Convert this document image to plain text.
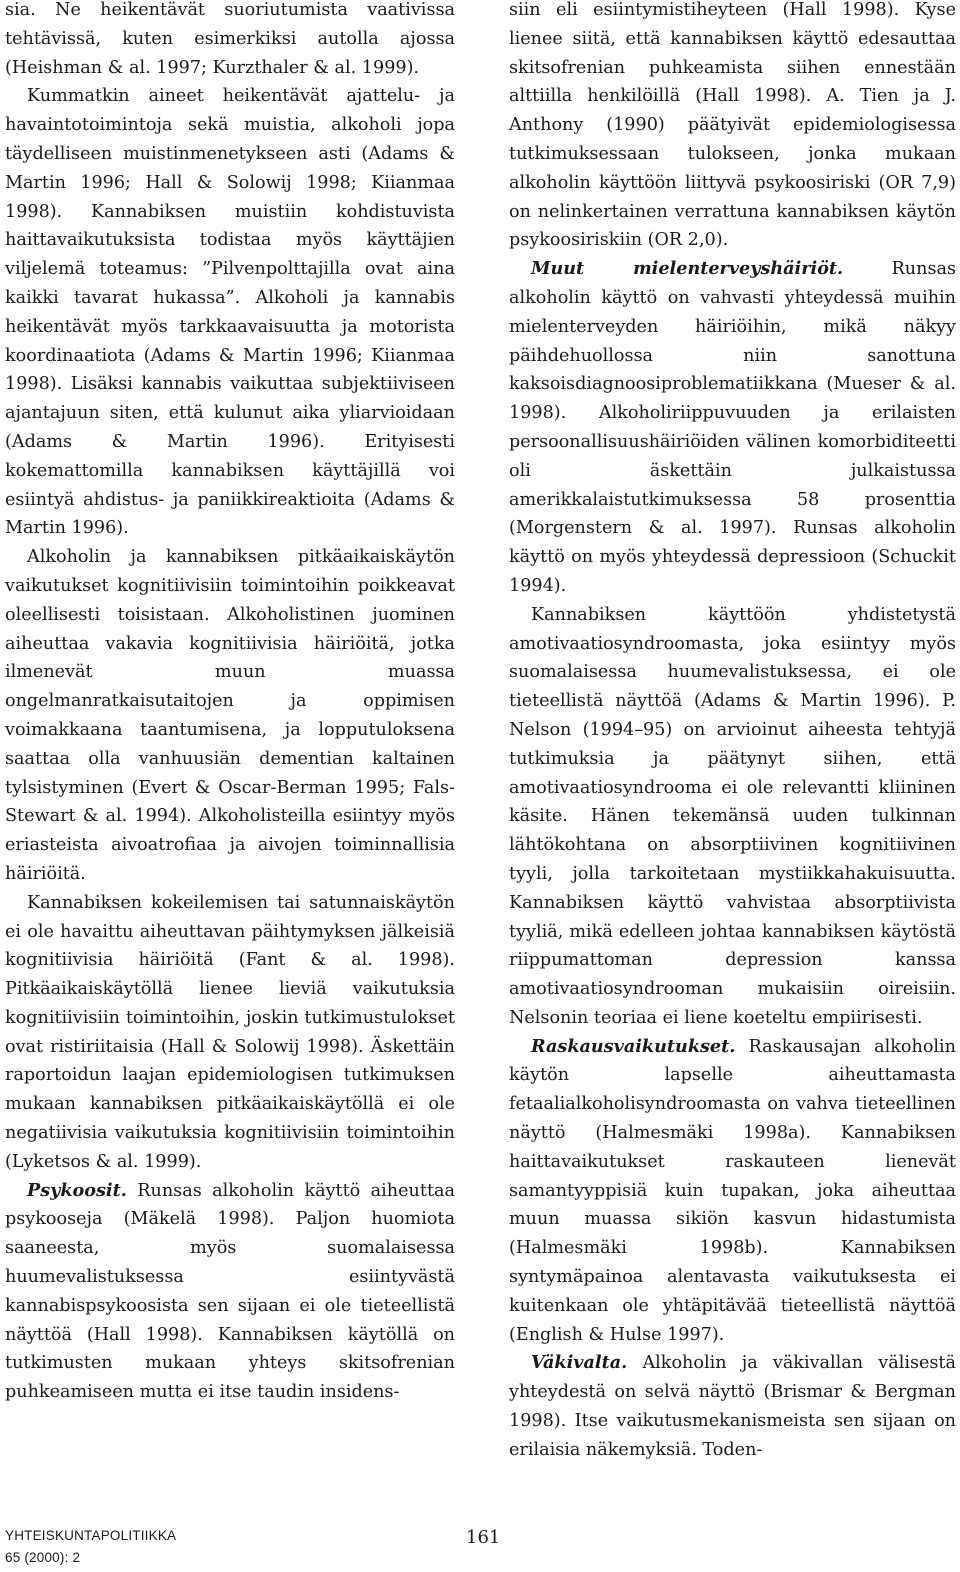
sia. Ne heikentävät suoriutumista vaativissa tehtävissä, kuten esimerkiksi autolla ajossa (Heishman & al. 1997; Kurzthaler & al. 1999).

Kummatkin aineet heikentävät ajattelu- ja havaintotoimintoja sekä muistia, alkoholi jopa täydelliseen muistinmenetykseen asti (Adams & Martin 1996; Hall & Solowij 1998; Kiianmaa 1998). Kannabiksen muistiin kohdistuvista haittavaikutuksista todistaa myös käyttäjien viljelemä toteamus: ”Pilvenpolttajilla ovat aina kaikki tavarat hukassa”. Alkoholi ja kannabis heikentävät myös tarkkaavaisuutta ja motorista koordinaatiota (Adams & Martin 1996; Kiianmaa 1998). Lisäksi kannabis vaikuttaa subjektiiviseen ajantajuun siten, että kulunut aika yliarvioidaan (Adams & Martin 1996). Erityisesti kokemattomilla kannabiksen käyttäjillä voi esiintyä ahdistus- ja paniikkireaktioita (Adams & Martin 1996).

Alkoholin ja kannabiksen pitkäaikaiskäytön vaikutukset kognitiivisiin toimintoihin poikkeavat oleellisesti toisistaan. Alkoholistinen juominen aiheuttaa vakavia kognitiivisia häiriöitä, jotka ilmenevät muun muassa ongelmanratkaisutaitojen ja oppimisen voimakkaana taantumisena, ja lopputuloksena saattaa olla vanhuusiän dementian kaltainen tylsistyminen (Evert & Oscar-Berman 1995; Fals-Stewart & al. 1994). Alkoholisteilla esiintyy myös eriasteista aivoatrofiaa ja aivojen toiminnallisia häiriöitä.

Kannabiksen kokeilemisen tai satunnaiskäytön ei ole havaittu aiheuttavan päihtymyksen jälkeisiä kognitiivisia häiriöitä (Fant & al. 1998). Pitkäaikaiskäytöllä lienee lieviä vaikutuksia kognitiivisiin toimintoihin, joskin tutkimustulokset ovat ristiriitaisia (Hall & Solowij 1998). Äskettäin raportoidun laajan epidemiologisen tutkimuksen mukaan kannabiksen pitkäaikaiskäytöllä ei ole negatiivisia vaikutuksia kognitiivisiin toimintoihin (Lyketsos & al. 1999).

Psykoosit. Runsas alkoholin käyttö aiheuttaa psykooseja (Mäkelä 1998). Paljon huomiota saaneesta, myös suomalaisessa huumevalistuksessa esiintyvästä kannabispsykoosista sen sijaan ei ole tieteellistä näyttöä (Hall 1998). Kannabiksen käytöllä on tutkimusten mukaan yhteys skitsofrenian puhkeamiseen mutta ei itse taudin insidens-

siin eli esiintymistiheyteen (Hall 1998). Kyse lienee siitä, että kannabiksen käyttö edesauttaa skitsofrenian puhkeamista siihen ennestään alttiilla henkilöillä (Hall 1998). A. Tien ja J. Anthony (1990) päätyivät epidemiologisessa tutkimuksessaan tulokseen, jonka mukaan alkoholin käyttöön liittyvä psykoosiriski (OR 7,9) on nelinkertainen verrattuna kannabiksen käytön psykoosiriskiin (OR 2,0).

Muut mielenterveyshäiriöt. Runsas alkoholin käyttö on vahvasti yhteydessä muihin mielenterveyden häiriöihin, mikä näkyy päihdehuollossa niin sanottuna kaksoisdiagnoosiproblematiikkana (Mueser & al. 1998). Alkoholiriippuvuuden ja erilaisten persoonallisuushäiriöiden välinen komorbiditeetti oli äskettäin julkaistussa amerikkalaistutkimuksessa 58 prosenttia (Morgenstern & al. 1997). Runsas alkoholin käyttö on myös yhteydessä depressioon (Schuckit 1994).

Kannabiksen käyttöön yhdistetystä amotivaatiosyndroomasta, joka esiintyy myös suomalaisessa huumevalistuksessa, ei ole tieteellistä näyttöä (Adams & Martin 1996). P. Nelson (1994–95) on arvioinut aiheesta tehtyjä tutkimuksia ja päätynyt siihen, että amotivaatiosyndrooma ei ole relevantti kliininen käsite. Hänen tekemänsä uuden tulkinnan lähtökohtana on absorptiivinen kognitiivinen tyyli, jolla tarkoitetaan mystiikkahakuisuutta. Kannabiksen käyttö vahvistaa absorptiivista tyyliä, mikä edelleen johtaa kannabiksen käytöstä riippumattoman depression kanssa amotivaatiosyndrooman mukaisiin oireisiin. Nelsonin teoriaa ei liene koeteltu empiirisesti.

Raskausvaikutukset. Raskausajan alkoholin käytön lapselle aiheuttamasta fetaalialkoholisyndroomasta on vahva tieteellinen näyttö (Halmesmäki 1998a). Kannabiksen haittavaikutukset raskauteen lienevät samantyyppisiä kuin tupakan, joka aiheuttaa muun muassa sikiön kasvun hidastumista (Halmesmäki 1998b). Kannabiksen syntymäpainoa alentavasta vaikutuksesta ei kuitenkaan ole yhtäpitävää tieteellistä näyttöä (English & Hulse 1997).

Väkivalta. Alkoholin ja väkivallan välisestä yhteydestä on selvä näyttö (Brismar & Bergman 1998). Itse vaikutusmekanismeista sen sijaan on erilaisia näkemyksiä. Toden-

YHTEISKUNTAPOLITIIKKA
65 (2000): 2
161
